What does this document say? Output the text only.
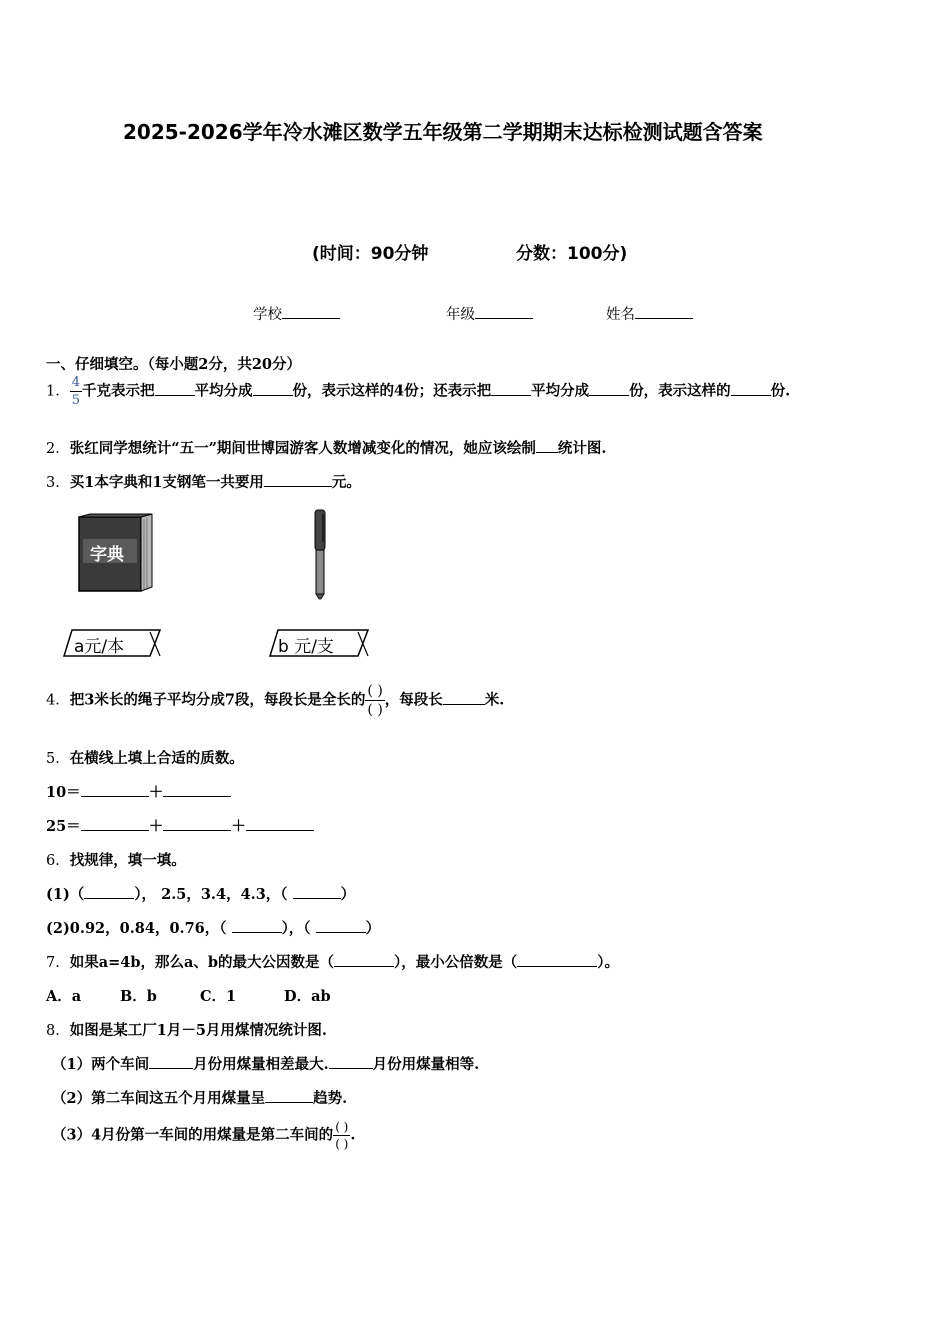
2025-2026学年冷水滩区数学五年级第二学期期末达标检测试题含答案
(时间：90分钟	分数：100分)
学校	年级	姓名
一、仔细填空。（每小题2分，共20分）
1． $\frac{4}{5}$ 千克表示把	平均分成	份，表示这样的4份；还表示把	平均分成	份，表示这样的	份.
2．张红同学想统计“五一”期间世博园游客人数增减变化的情况，她应该绘制 统计图.
3．买1本字典和1支钢笔一共要用	元。
字典
a元/本	b 元/支
4．把3米长的绳子平均分成7段，每段长是全长的 $\frac{( )}{( )}$ ，每段长	米.
5．在横线上填上合适的质数。
10＝	＋
25＝	＋	＋
6．找规律，填一填。
(1)（	）， 2.5，3.4，4.3，（	）
(2)0.92，0.84，0.76，（	），（	）
7．如果a=4b，那么a、b的最大公因数是（	），最小公倍数是（	）。
A．a	B．b	C．1	D．ab
8．如图是某工厂1月－5月用煤情况统计图.
（1）两个车间	月份用煤量相差最大.	月份用煤量相等.
（2）第二车间这五个月用煤量呈	趋势.
（3）4月份第一车间的用煤量是第二车间的 $\frac{( )}{( )}$ .
